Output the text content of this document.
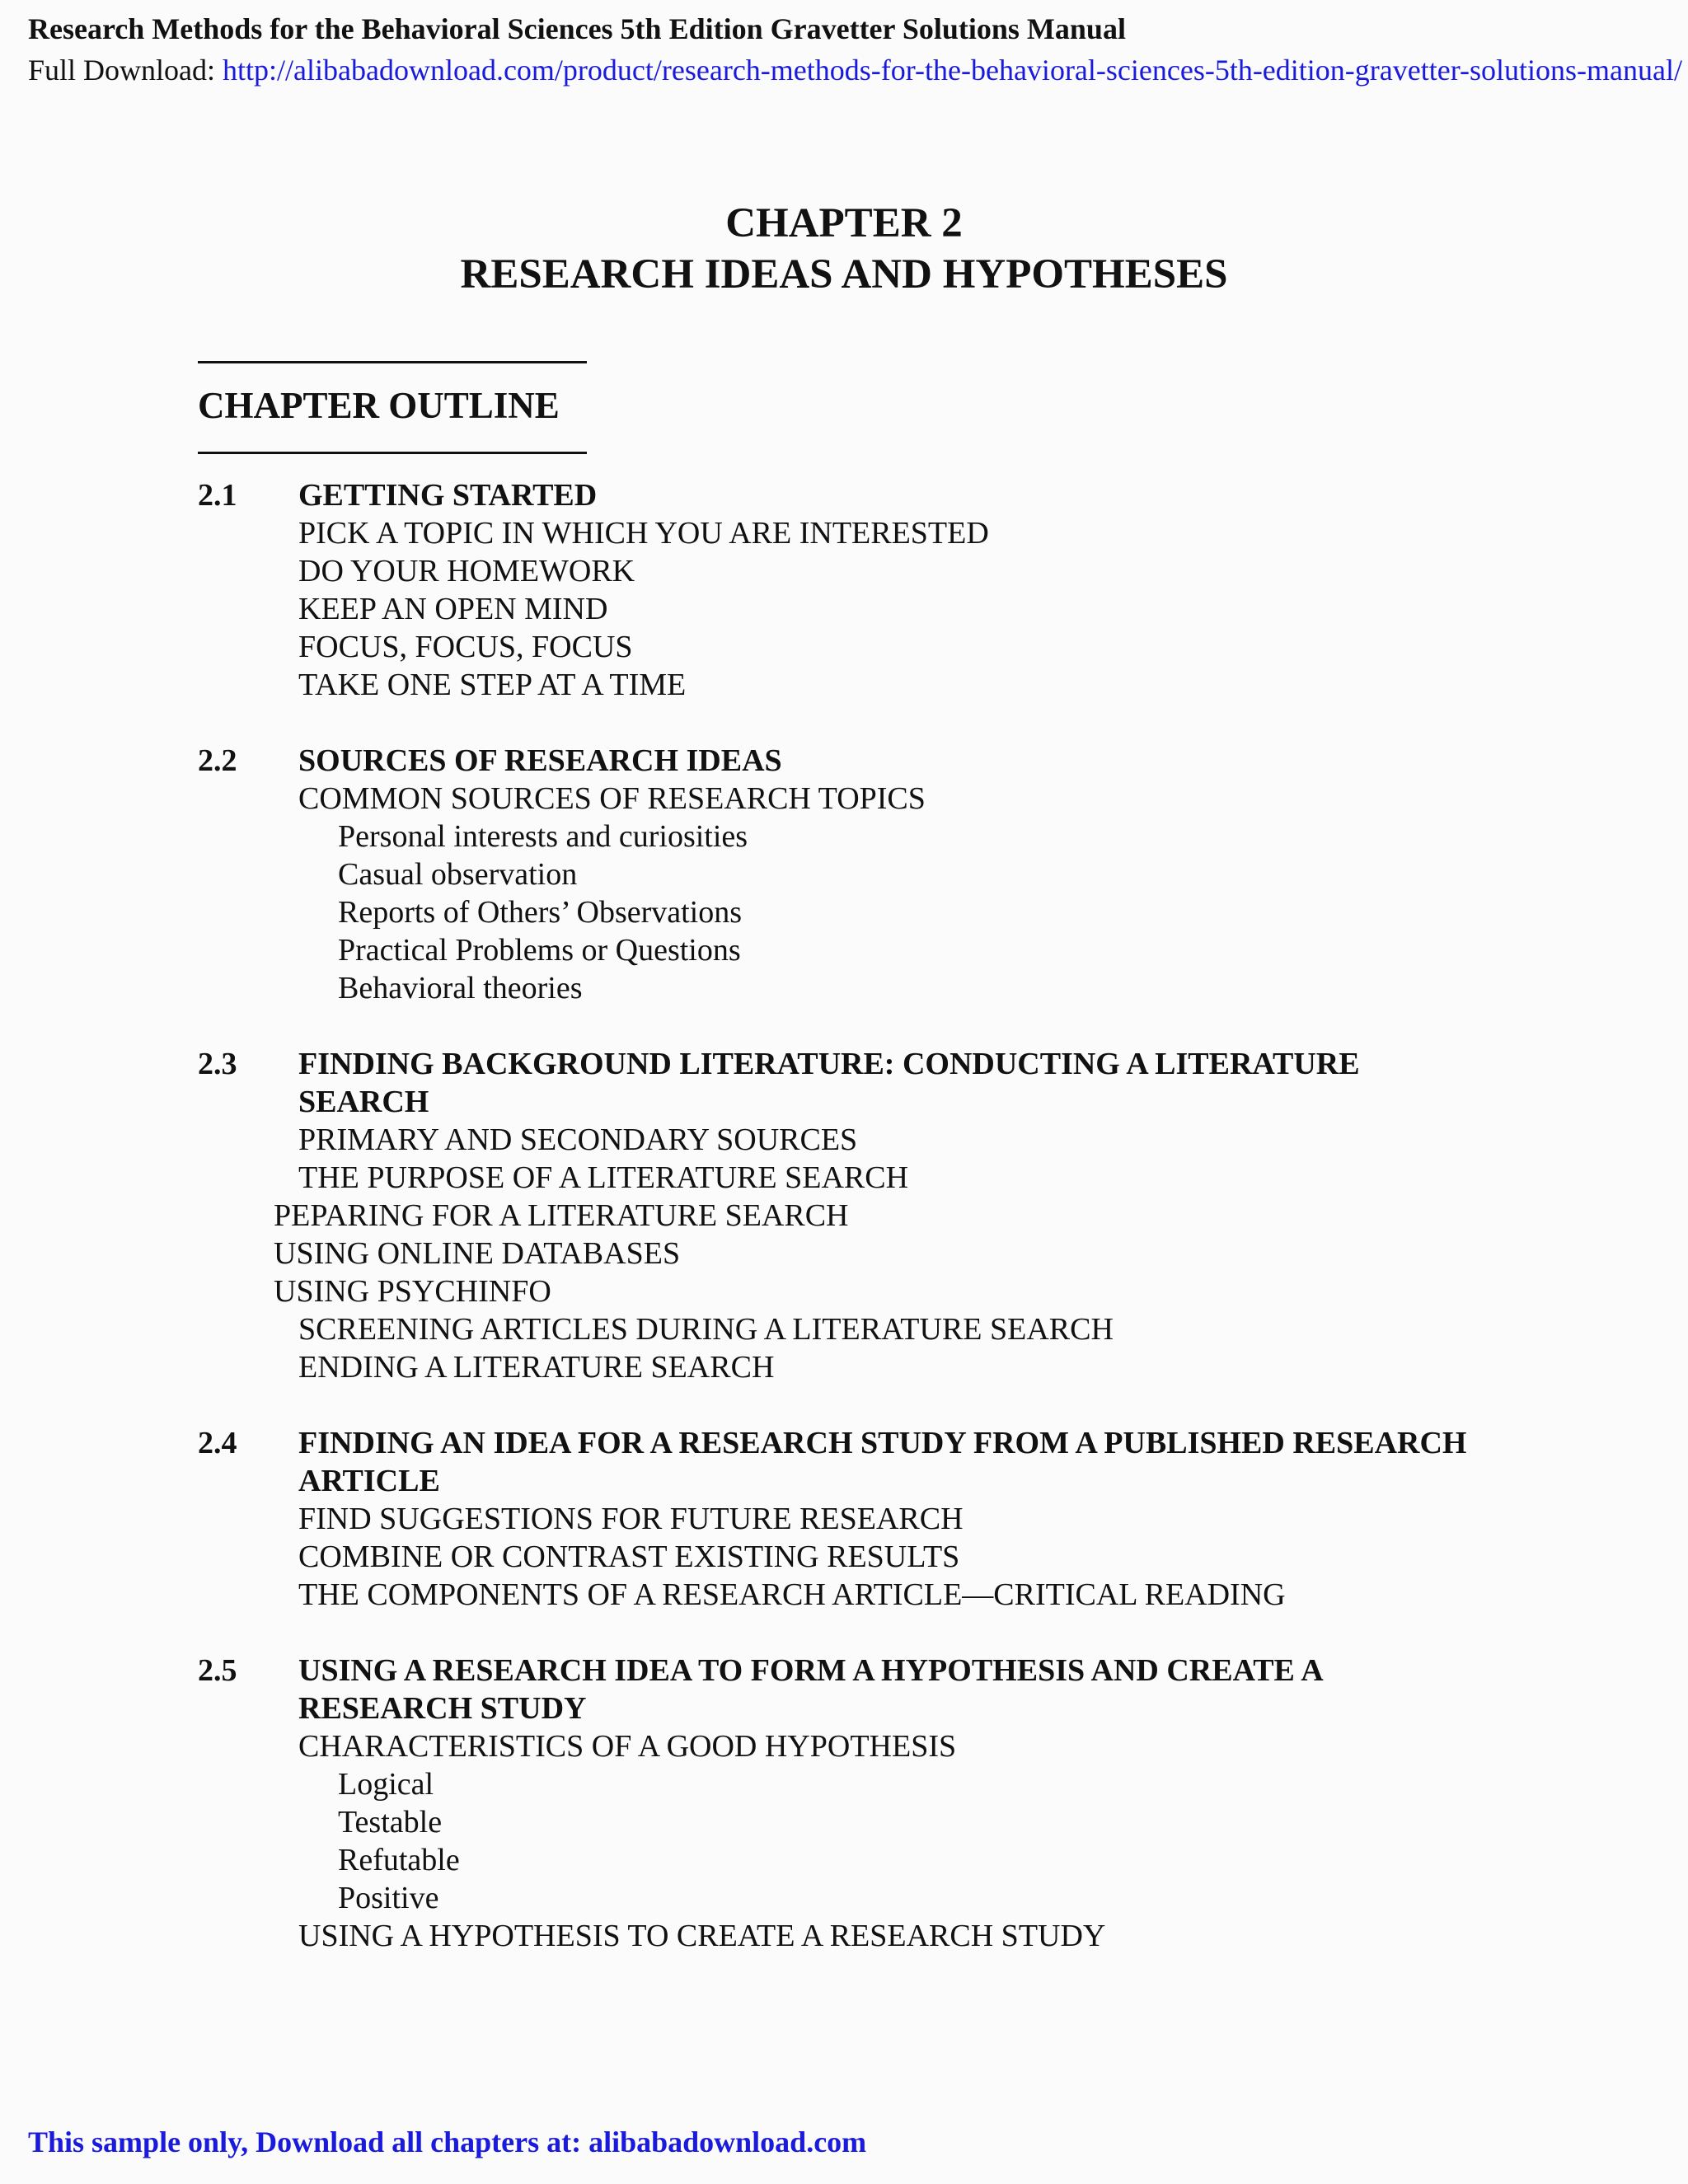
Research Methods for the Behavioral Sciences 5th Edition Gravetter Solutions Manual
Full Download: http://alibabadownload.com/product/research-methods-for-the-behavioral-sciences-5th-edition-gravetter-solutions-manual/
CHAPTER 2
RESEARCH IDEAS AND HYPOTHESES
CHAPTER OUTLINE
2.1	GETTING STARTED
PICK A TOPIC IN WHICH YOU ARE INTERESTED
DO YOUR HOMEWORK
KEEP AN OPEN MIND
FOCUS, FOCUS, FOCUS
TAKE ONE STEP AT A TIME
2.2	SOURCES OF RESEARCH IDEAS
COMMON SOURCES OF RESEARCH TOPICS
Personal interests and curiosities
Casual observation
Reports of Others’ Observations
Practical Problems or Questions
Behavioral theories
2.3	FINDING BACKGROUND LITERATURE: CONDUCTING A LITERATURE SEARCH
PRIMARY AND SECONDARY SOURCES
THE PURPOSE OF A LITERATURE SEARCH
PEPARING FOR A LITERATURE SEARCH
USING ONLINE DATABASES
USING PSYCHINFO
SCREENING ARTICLES DURING A LITERATURE SEARCH
ENDING A LITERATURE SEARCH
2.4	FINDING AN IDEA FOR A RESEARCH STUDY FROM A PUBLISHED RESEARCH ARTICLE
FIND SUGGESTIONS FOR FUTURE RESEARCH
COMBINE OR CONTRAST EXISTING RESULTS
THE COMPONENTS OF A RESEARCH ARTICLE—CRITICAL READING
2.5	USING A RESEARCH IDEA TO FORM A HYPOTHESIS AND CREATE A RESEARCH STUDY
CHARACTERISTICS OF A GOOD HYPOTHESIS
Logical
Testable
Refutable
Positive
USING A HYPOTHESIS TO CREATE A RESEARCH STUDY
This sample only, Download all chapters at: alibabadownload.com
